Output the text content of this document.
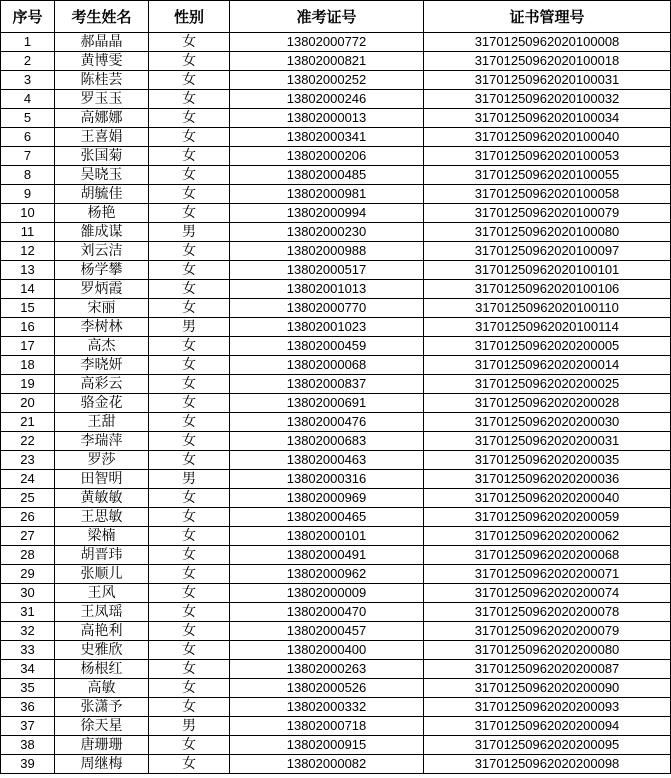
序号	考生姓名	性别	准考证号	证书管理号
1	郝晶晶	女	13802000772	31701250962020100008
2	黄博雯	女	13802000821	31701250962020100018
3	陈桂芸	女	13802000252	31701250962020100031
4	罗玉玉	女	13802000246	31701250962020100032
5	高娜娜	女	13802000013	31701250962020100034
6	王喜娟	女	13802000341	31701250962020100040
7	张国菊	女	13802000206	31701250962020100053
8	吴晓玉	女	13802000485	31701250962020100055
9	胡毓佳	女	13802000981	31701250962020100058
10	杨艳	女	13802000994	31701250962020100079
11	雒成谋	男	13802000230	31701250962020100080
12	刘云洁	女	13802000988	31701250962020100097
13	杨学攀	女	13802000517	31701250962020100101
14	罗炳霞	女	13802001013	31701250962020100106
15	宋丽	女	13802000770	31701250962020100110
16	李树林	男	13802001023	31701250962020100114
17	高杰	女	13802000459	31701250962020200005
18	李晓妍	女	13802000068	31701250962020200014
19	高彩云	女	13802000837	31701250962020200025
20	骆金花	女	13802000691	31701250962020200028
21	王甜	女	13802000476	31701250962020200030
22	李瑞萍	女	13802000683	31701250962020200031
23	罗莎	女	13802000463	31701250962020200035
24	田智明	男	13802000316	31701250962020200036
25	黄敏敏	女	13802000969	31701250962020200040
26	王思敏	女	13802000465	31701250962020200059
27	梁楠	女	13802000101	31701250962020200062
28	胡晋玮	女	13802000491	31701250962020200068
29	张顺儿	女	13802000962	31701250962020200071
30	王风	女	13802000009	31701250962020200074
31	王凤瑶	女	13802000470	31701250962020200078
32	高艳利	女	13802000457	31701250962020200079
33	史雅欣	女	13802000400	31701250962020200080
34	杨根红	女	13802000263	31701250962020200087
35	高敏	女	13802000526	31701250962020200090
36	张潇予	女	13802000332	31701250962020200093
37	徐天星	男	13802000718	31701250962020200094
38	唐珊珊	女	13802000915	31701250962020200095
39	周继梅	女	13802000082	31701250962020200098
